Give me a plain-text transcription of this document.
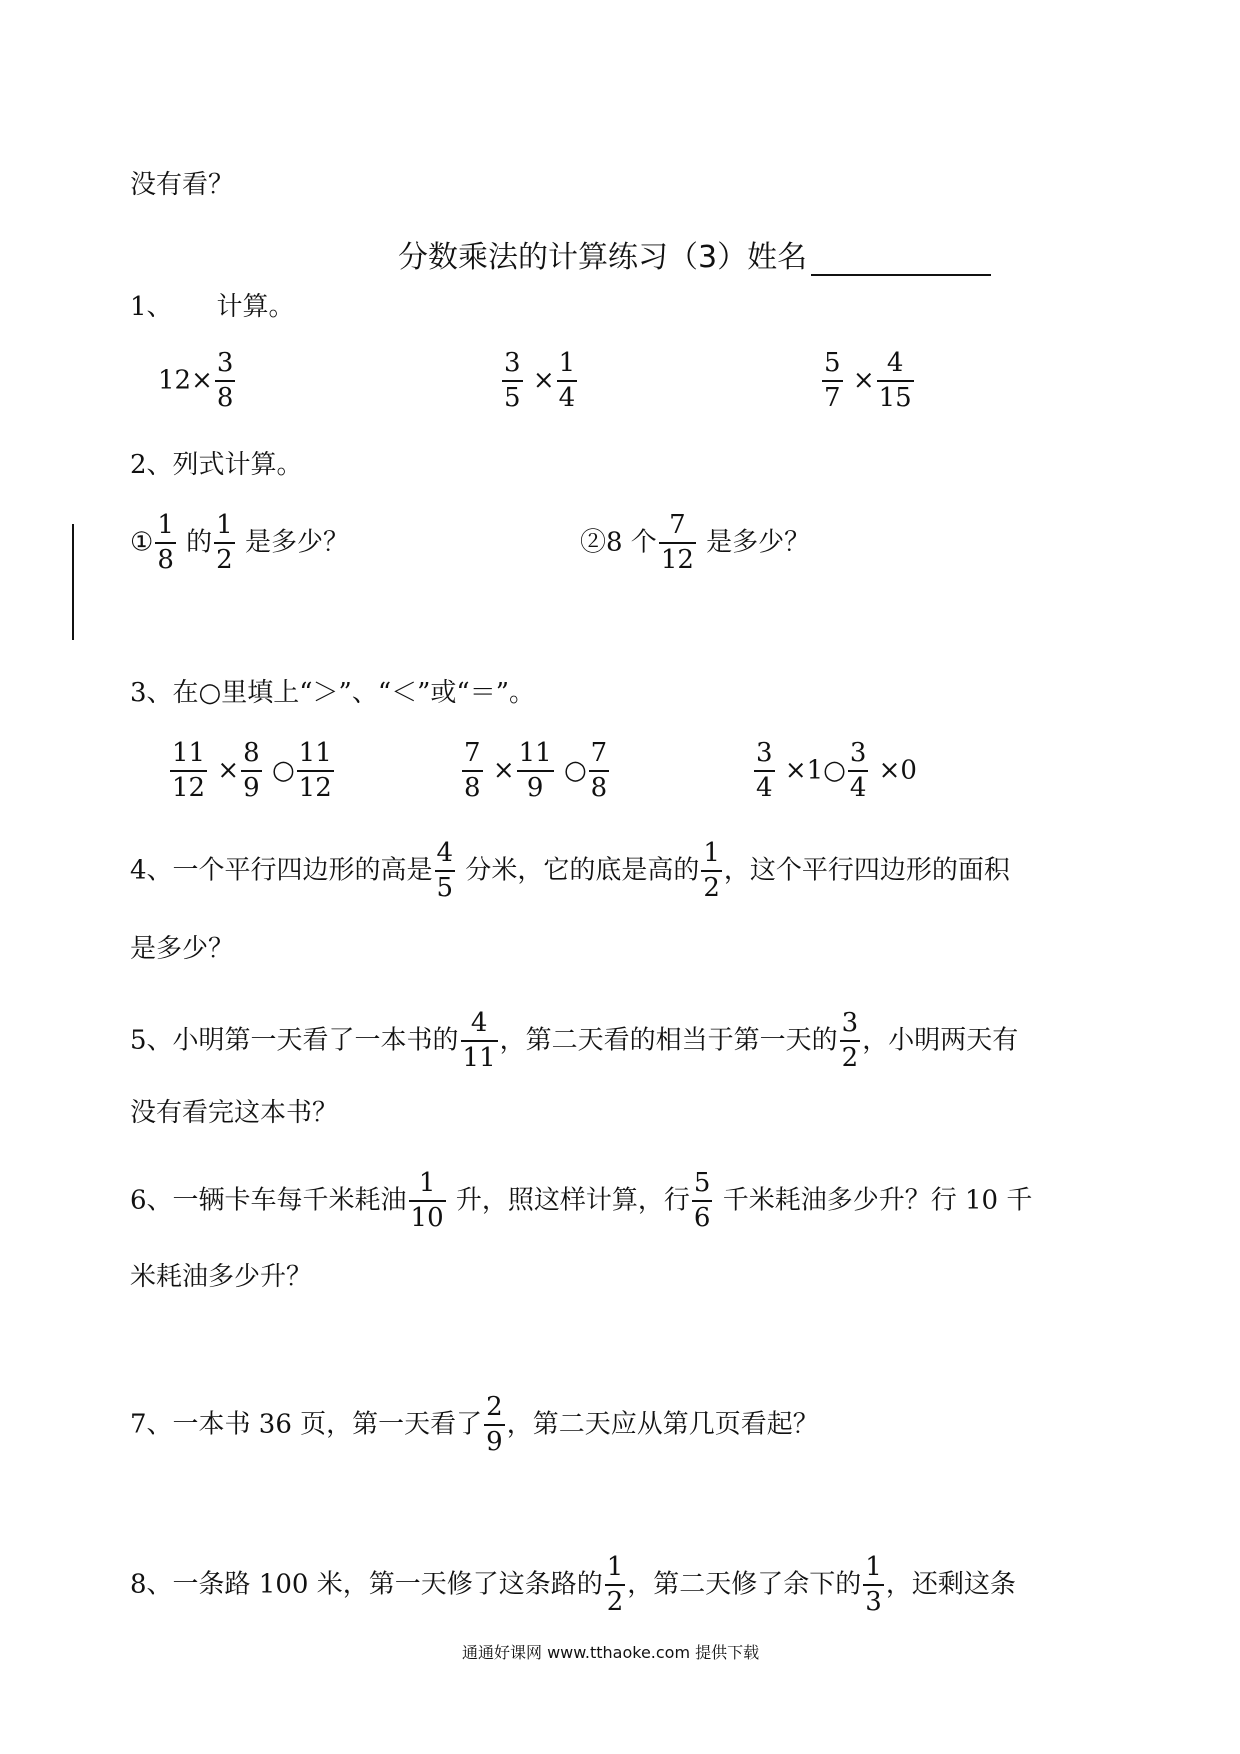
没有看？
分数乘法的计算练习（3）姓名
1、 计算。
$12\times \frac{3}{8}$	$\frac{3}{5} \times \frac{1}{4}$	$\frac{5}{7} \times \frac{4}{15}$
2、列式计算。
① $\frac{1}{8}$ 的 $\frac{1}{2}$ 是多少？	②8 个 $\frac{7}{12}$ 是多少？
3、在○里填上“＞”、“＜”或“＝”。
$\frac{11}{12} \times \frac{8}{9}$ ○ $\frac{11}{12}$	$\frac{7}{8} \times \frac{11}{9}$ ○ $\frac{7}{8}$	$\frac{3}{4}$ ×1○ $\frac{3}{4} \times 0$
4、一个平行四边形的高是 $\frac{4}{5}$ 分米，它的底是高的 $\frac{1}{2}$ ，这个平行四边形的面积
是多少？
5、小明第一天看了一本书的 $\frac{4}{11}$ ，第二天看的相当于第一天的 $\frac{3}{2}$ ，小明两天有
没有看完这本书？
6、一辆卡车每千米耗油 $\frac{1}{10}$ 升，照这样计算，行 $\frac{5}{6}$ 千米耗油多少升？行 10 千
米耗油多少升？
7、一本书 36 页，第一天看了 $\frac{2}{9}$ ，第二天应从第几页看起？
8、一条路 100 米，第一天修了这条路的 $\frac{1}{2}$ ，第二天修了余下的 $\frac{1}{3}$ ，还剩这条
通通好课网 www.tthaoke.com 提供下载
